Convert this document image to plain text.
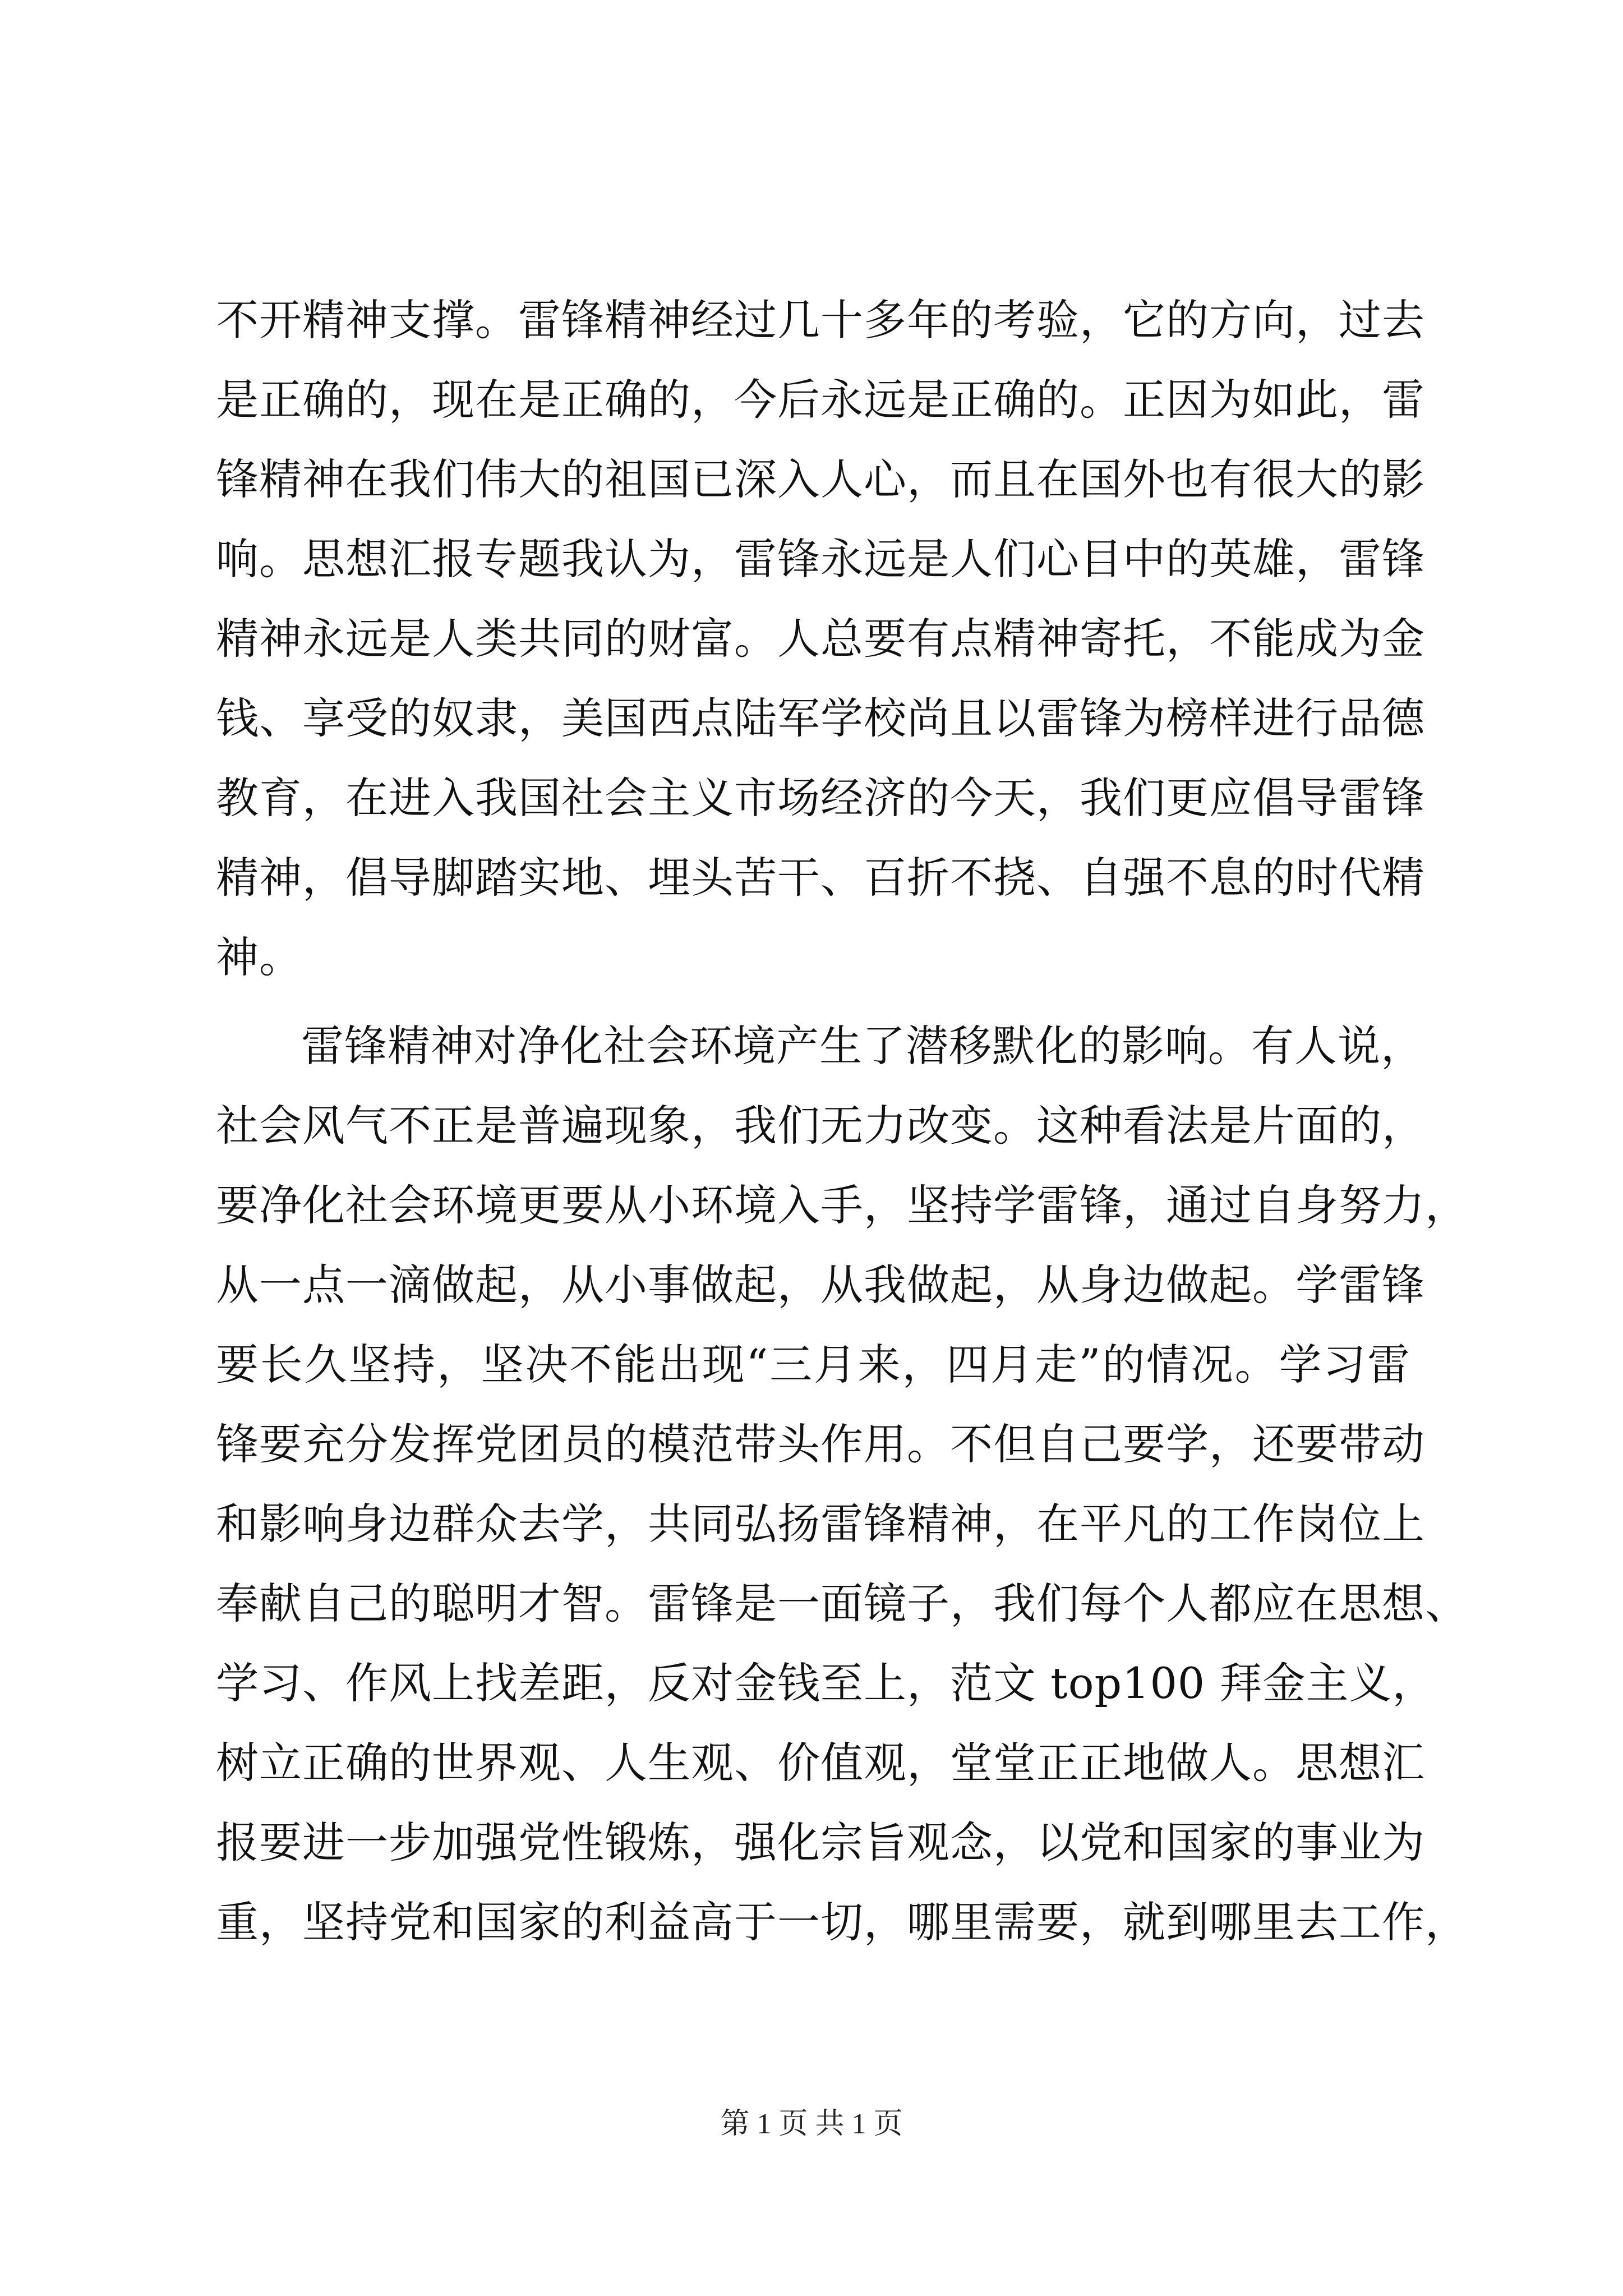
不开精神支撑。雷锋精神经过几十多年的考验，它的方向，过去
是正确的，现在是正确的，今后永远是正确的。正因为如此，雷
锋精神在我们伟大的祖国已深入人心，而且在国外也有很大的影
响。思想汇报专题我认为，雷锋永远是人们心目中的英雄，雷锋
精神永远是人类共同的财富。人总要有点精神寄托，不能成为金
钱、享受的奴隶，美国西点陆军学校尚且以雷锋为榜样进行品德
教育，在进入我国社会主义市场经济的今天，我们更应倡导雷锋
精神，倡导脚踏实地、埋头苦干、百折不挠、自强不息的时代精
神。
雷锋精神对净化社会环境产生了潜移默化的影响。有人说，
社会风气不正是普遍现象，我们无力改变。这种看法是片面的，
要净化社会环境更要从小环境入手，坚持学雷锋，通过自身努力，
从一点一滴做起，从小事做起，从我做起，从身边做起。学雷锋
要长久坚持，坚决不能出现“三月来，四月走”的情况。学习雷
锋要充分发挥党团员的模范带头作用。不但自己要学，还要带动
和影响身边群众去学，共同弘扬雷锋精神，在平凡的工作岗位上
奉献自己的聪明才智。雷锋是一面镜子，我们每个人都应在思想、
学习、作风上找差距，反对金钱至上，范文 top100 拜金主义，
树立正确的世界观、人生观、价值观，堂堂正正地做人。思想汇
报要进一步加强党性锻炼，强化宗旨观念，以党和国家的事业为
重，坚持党和国家的利益高于一切，哪里需要，就到哪里去工作，
第 1 页 共 1 页
